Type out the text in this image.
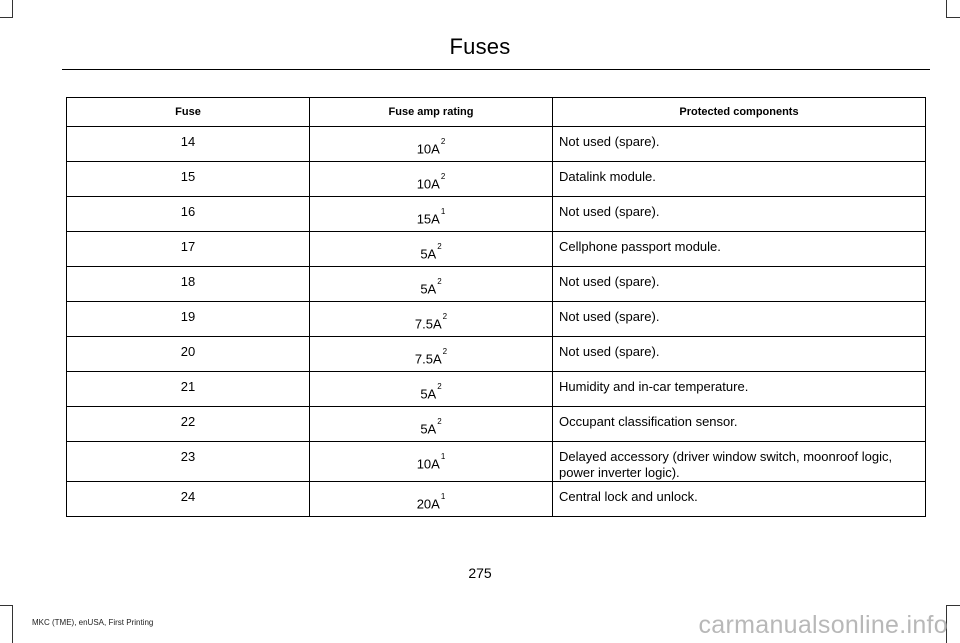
Fuses
Fuse	Fuse amp rating	Protected components
14	$10A^2$	Not used (spare).
15	$10A^2$	Datalink module.
16	$15A^1$	Not used (spare).
17	$5A^2$	Cellphone passport module.
18	$5A^2$	Not used (spare).
19	$7.5A^2$	Not used (spare).
20	$7.5A^2$	Not used (spare).
21	$5A^2$	Humidity and in-car temperature.
22	$5A^2$	Occupant classification sensor.
23	$10A^1$	Delayed accessory (driver window switch, moonroof logic, power inverter logic).
24	$20A^1$	Central lock and unlock.
275
MKC (TME), enUSA, First Printing	carmanualsonline.info
